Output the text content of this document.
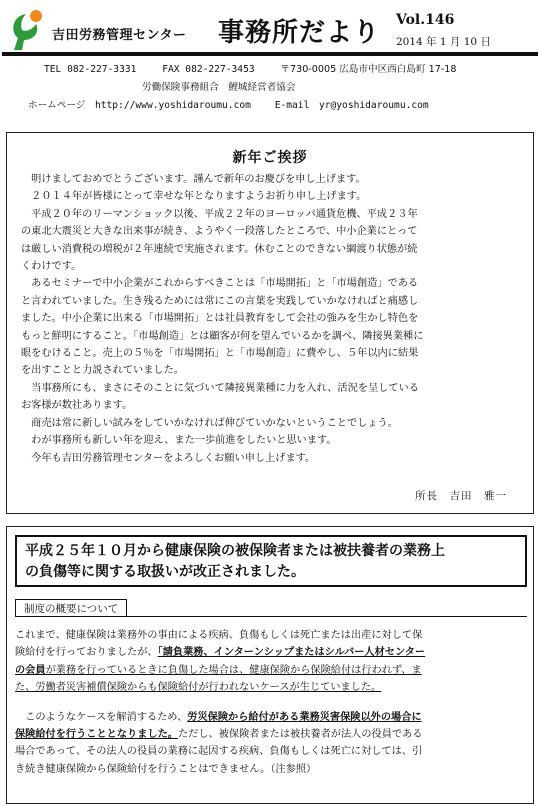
吉田労務管理センター 事務所だより Vol.146
2014 年 1 月 10 日
TEL 082-227-3331	FAX 082-227-3453	〒730-0005 広島市中区西白島町 17-18
労働保険事務組合　鯉城経営者協会
ホームページ　http://www.yoshidaroumu.com E-mail　yr@yoshidaroumu.com
新年ご挨拶
　明けましておめでとうございます。謹んで新年のお慶びを申し上げます。
　２０１４年が皆様にとって幸せな年となりますようお祈り申し上げます。
　平成２０年のリーマンショック以後、平成２２年のヨーロッパ通貨危機、平成２３年
の東北大震災と大きな出来事が続き、ようやく一段落したところで、中小企業にとって
は厳しい消費税の増税が２年連続で実施されます。休むことのできない綱渡り状態が続
くわけです。
　あるセミナーで中小企業がこれからすべきことは「市場開拓」と「市場創造」である
と言われていました。生き残るためには常にこの言葉を実践していかなければと痛感し
ました。中小企業に出来る「市場開拓」とは社員教育をして会社の強みを生かし特色を
もっと鮮明にすること。「市場創造」とは顧客が何を望んでいるかを調べ、隣接異業種に
眼をむけること。売上の５％を「市場開拓」と「市場創造」に費やし、５年以内に結果
を出すことと力説されていました。
　当事務所にも、まさにそのことに気づいて隣接異業種に力を入れ、活況を呈している
お客様が数社あります。
　商売は常に新しい試みをしていかなければ伸びていかないということでしょう。
　わが事務所も新しい年を迎え、また一歩前進をしたいと思います。
　今年も吉田労務管理センターをよろしくお願い申し上げます。
所長　吉田　雅一
平成２５年１０月から健康保険の被保険者または被扶養者の業務上
の負傷等に関する取扱いが改正されました。
制度の概要について
これまで、健康保険は業務外の事由による疾病、負傷もしくは死亡または出産に対して保
険給付を行っておりましたが、「請負業務、インターンシップまたはシルバー人材センター
の会員が業務を行っているときに負傷した場合は、健康保険から保険給付は行われず、ま
た、労働者災害補償保険からも保険給付が行われないケースが生じていました。
　このようなケースを解消するため、労災保険から給付がある業務災害保険以外の場合に
保険給付を行うこととなりました。ただし、被保険者または被扶養者が法人の役員である
場合であって、その法人の役員の業務に起因する疾病、負傷もしくは死亡に対しては、引
き続き健康保険から保険給付を行うことはできません。（注参照）
